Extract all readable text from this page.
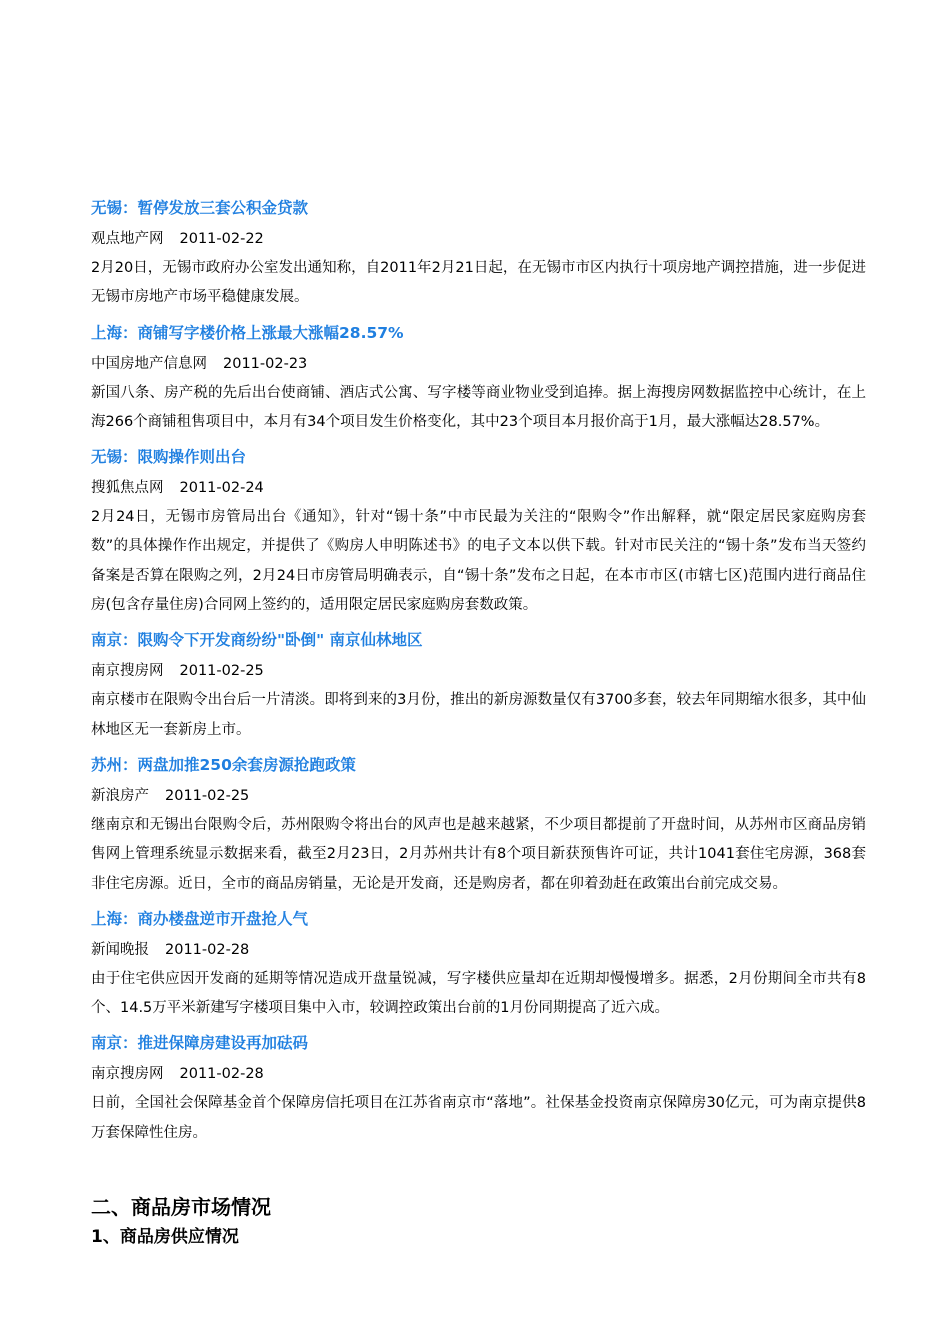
无锡：暂停发放三套公积金贷款

观点地产网 2011-02-22

2月20日，无锡市政府办公室发出通知称，自2011年2月21日起，在无锡市市区内执行十项房地产调控措施，进一步促进无锡市房地产市场平稳健康发展。

上海：商铺写字楼价格上涨最大涨幅28.57%

中国房地产信息网 2011-02-23

新国八条、房产税的先后出台使商铺、酒店式公寓、写字楼等商业物业受到追捧。据上海搜房网数据监控中心统计，在上海266个商铺租售项目中，本月有34个项目发生价格变化，其中23个项目本月报价高于1月，最大涨幅达28.57%。

无锡：限购操作则出台

搜狐焦点网 2011-02-24

2月24日，无锡市房管局出台《通知》，针对“锡十条”中市民最为关注的“限购令”作出解释，就“限定居民家庭购房套数”的具体操作作出规定，并提供了《购房人申明陈述书》的电子文本以供下载。针对市民关注的“锡十条”发布当天签约备案是否算在限购之列，2月24日市房管局明确表示，自“锡十条”发布之日起，在本市市区(市辖七区)范围内进行商品住房(包含存量住房)合同网上签约的，适用限定居民家庭购房套数政策。

南京：限购令下开发商纷纷"卧倒" 南京仙林地区

南京搜房网 2011-02-25

南京楼市在限购令出台后一片清淡。即将到来的3月份，推出的新房源数量仅有3700多套，较去年同期缩水很多，其中仙林地区无一套新房上市。

苏州：两盘加推250余套房源抢跑政策

新浪房产 2011-02-25

继南京和无锡出台限购令后，苏州限购令将出台的风声也是越来越紧，不少项目都提前了开盘时间，从苏州市区商品房销售网上管理系统显示数据来看，截至2月23日，2月苏州共计有8个项目新获预售许可证，共计1041套住宅房源，368套非住宅房源。近日，全市的商品房销量，无论是开发商，还是购房者，都在卯着劲赶在政策出台前完成交易。

上海：商办楼盘逆市开盘抢人气

新闻晚报 2011-02-28

由于住宅供应因开发商的延期等情况造成开盘量锐减，写字楼供应量却在近期却慢慢增多。据悉，2月份期间全市共有8个、14.5万平米新建写字楼项目集中入市，较调控政策出台前的1月份同期提高了近六成。

南京：推进保障房建设再加砝码

南京搜房网 2011-02-28

日前，全国社会保障基金首个保障房信托项目在江苏省南京市“落地”。社保基金投资南京保障房30亿元，可为南京提供8万套保障性住房。

二、商品房市场情况
1、商品房供应情况
